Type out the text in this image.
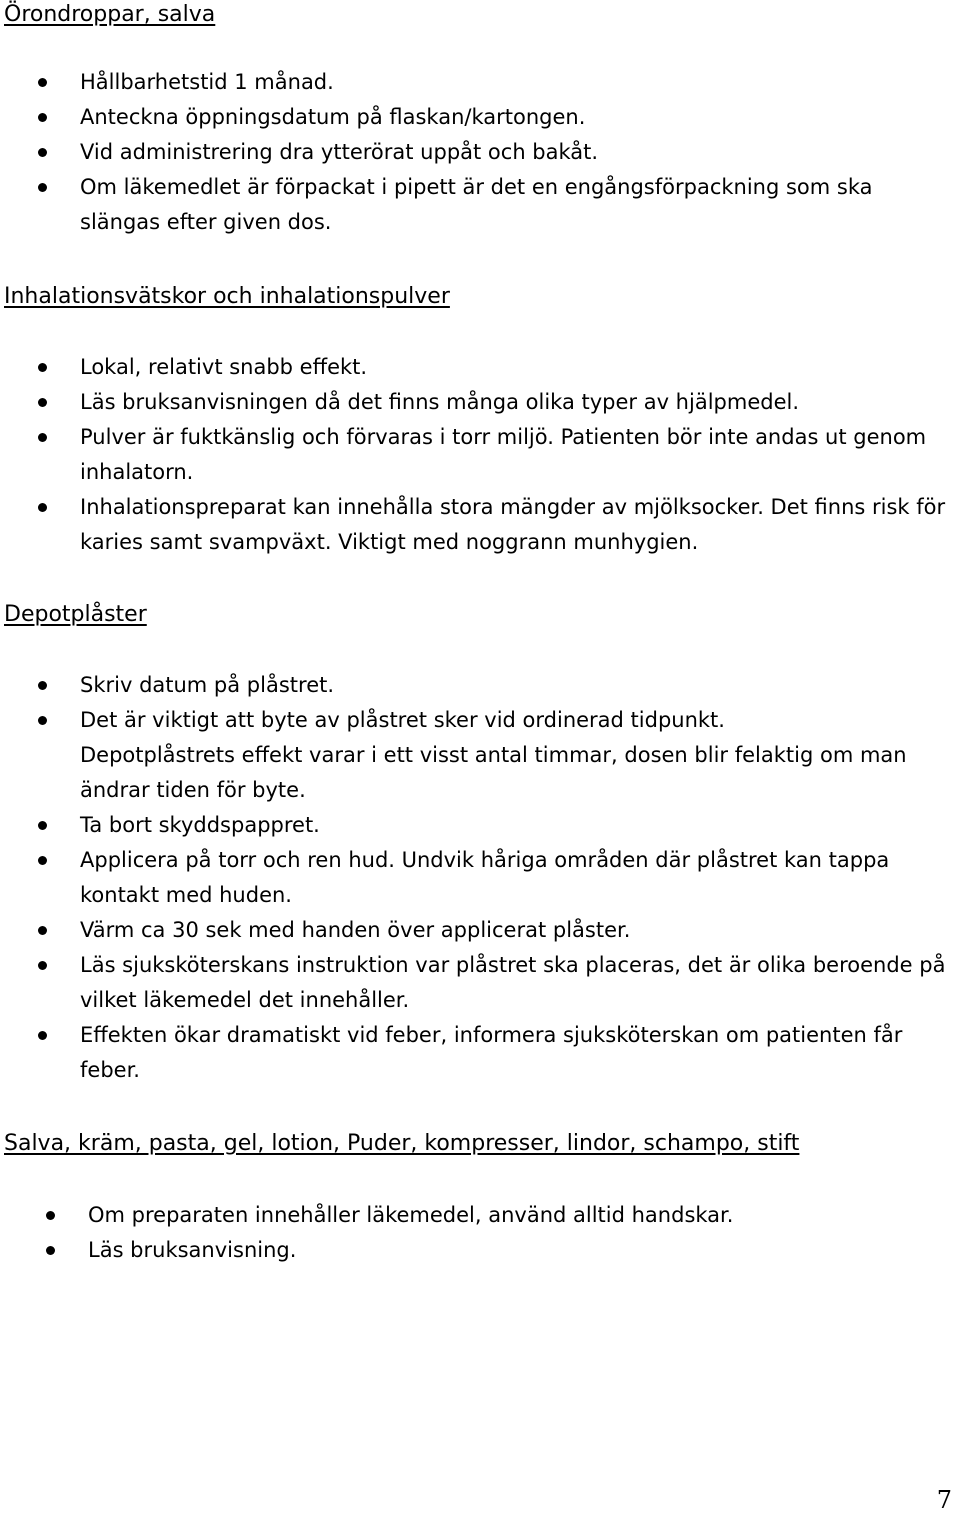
Örondroppar, salva
Hållbarhetstid 1 månad.
Anteckna öppningsdatum på flaskan/kartongen.
Vid administrering dra ytterörat uppåt och bakåt.
Om läkemedlet är förpackat i pipett är det en engångsförpackning som ska slängas efter given dos.
Inhalationsvätskor och inhalationspulver
Lokal, relativt snabb effekt.
Läs bruksanvisningen då det finns många olika typer av hjälpmedel.
Pulver är fuktkänslig och förvaras i torr miljö. Patienten bör inte andas ut genom inhalatorn.
Inhalationspreparat kan innehålla stora mängder av mjölksocker. Det finns risk för karies samt svampväxt. Viktigt med noggrann munhygien.
Depotplåster
Skriv datum på plåstret.
Det är viktigt att byte av plåstret sker vid ordinerad tidpunkt.
Depotplåstrets effekt varar i ett visst antal timmar, dosen blir felaktig om man ändrar tiden för byte.
Ta bort skyddspappret.
Applicera på torr och ren hud. Undvik håriga områden där plåstret kan tappa kontakt med huden.
Värm ca 30 sek med handen över applicerat plåster.
Läs sjuksköterskans instruktion var plåstret ska placeras, det är olika beroende på vilket läkemedel det innehåller.
Effekten ökar dramatiskt vid feber, informera sjuksköterskan om patienten får feber.
Salva, kräm, pasta, gel, lotion, Puder, kompresser, lindor, schampo, stift
Om preparaten innehåller läkemedel, använd alltid handskar.
Läs bruksanvisning.
7
